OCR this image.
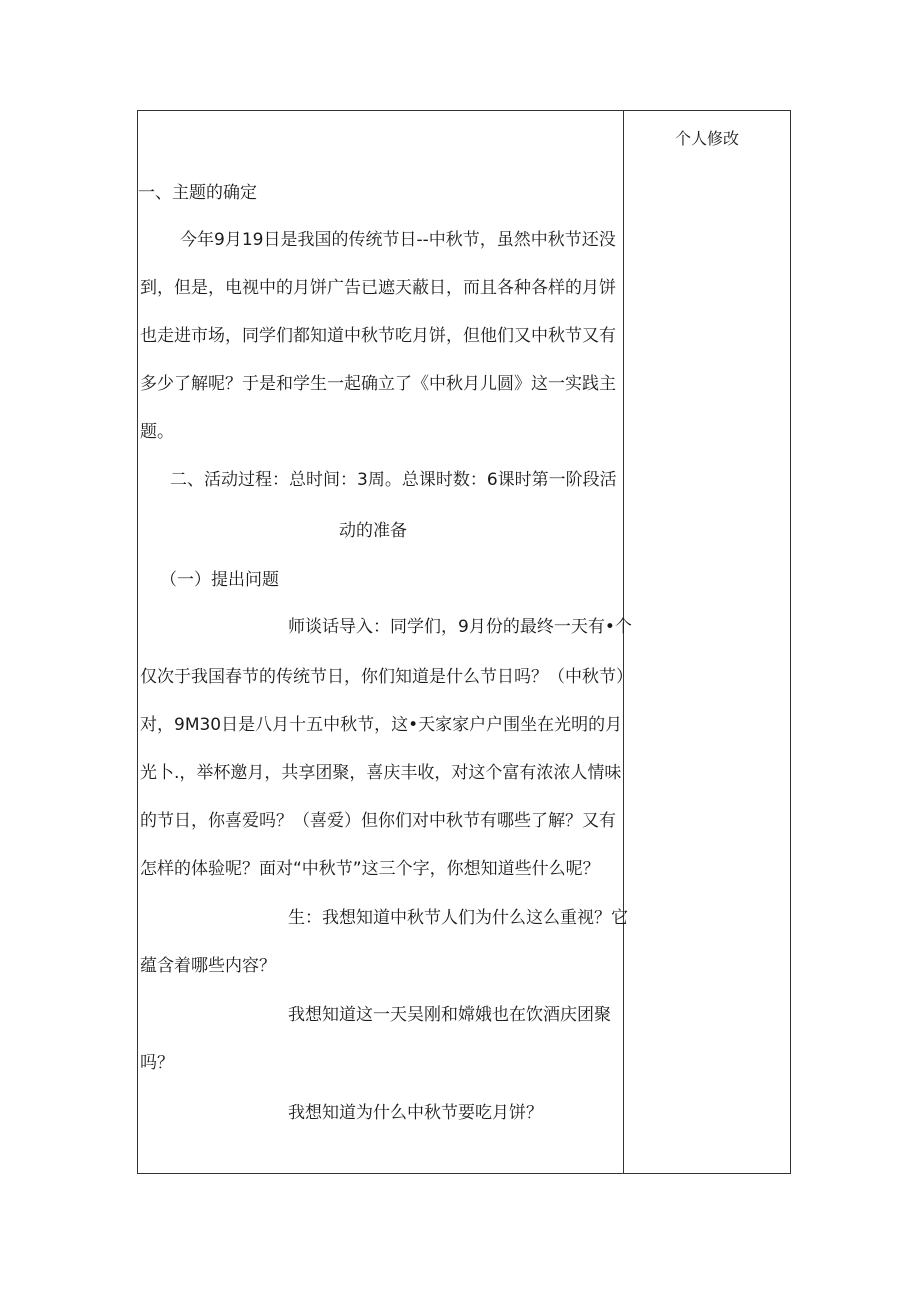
个人修改
一、主题的确定
今年9月19日是我国的传统节日--中秋节，虽然中秋节还没
到，但是，电视中的月饼广告已遮天蔽日，而且各种各样的月饼
也走进市场，同学们都知道中秋节吃月饼，但他们又中秋节又有
多少了解呢？于是和学生一起确立了《中秋月儿圆》这一实践主
题。
二、活动过程：总时间：3周。总课时数：6课时第一阶段活
动的准备
（一）提出问题
师谈话导入：同学们，9月份的最终一天有•个
仅次于我国春节的传统节日，你们知道是什么节日吗？（中秋节）
对，9M30日是八月十五中秋节，这•天家家户户围坐在光明的月
光卜.，举杯邀月，共享团聚，喜庆丰收，对这个富有浓浓人情味
的节日，你喜爱吗？（喜爱）但你们对中秋节有哪些了解？又有
怎样的体验呢？面对“中秋节”这三个字，你想知道些什么呢？
生：我想知道中秋节人们为什么这么重视？它
蕴含着哪些内容？
我想知道这一天吴刚和嫦娥也在饮酒庆团聚
吗？
我想知道为什么中秋节要吃月饼？
